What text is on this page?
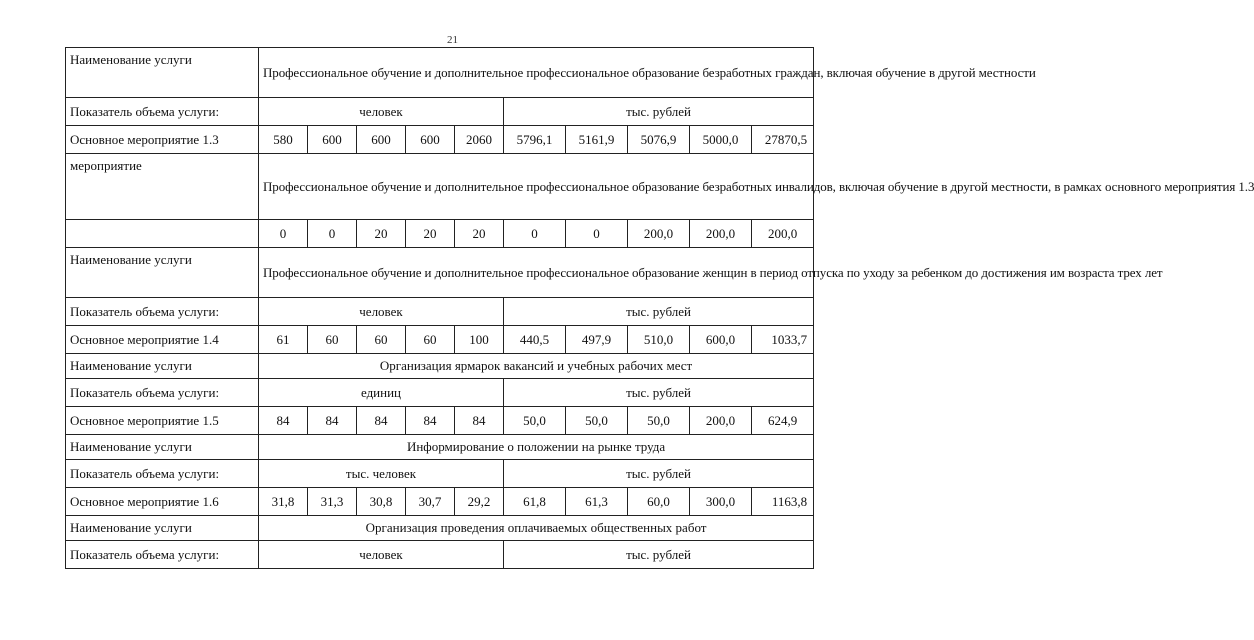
21
Наименование услуги	Профессиональное обучение и дополнительное профессиональное образование безработных граждан, включая обучение в другой местности									
Показатель объема услуги:	человек					тыс. рублей				
Основное мероприятие 1.3	580	600	600	600	2060	5796,1	5161,9	5076,9	5000,0	27870,5
мероприятие	Профессиональное обучение и дополнительное профессиональное образование безработных инвалидов, включая обучение в другой местности, в рамках основного мероприятия 1.3									
	0	0	20	20	20	0	0	200,0	200,0	200,0
Наименование услуги	Профессиональное обучение и дополнительное профессиональное образование женщин в период отпуска по уходу за ребенком до достижения им возраста трех лет									
Показатель объема услуги:	человек					тыс. рублей				
Основное мероприятие 1.4	61	60	60	60	100	440,5	497,9	510,0	600,0	1033,7
Наименование услуги	Организация ярмарок вакансий и учебных рабочих мест									
Показатель объема услуги:	единиц					тыс. рублей				
Основное мероприятие 1.5	84	84	84	84	84	50,0	50,0	50,0	200,0	624,9
Наименование услуги	Информирование о положении на рынке труда									
Показатель объема услуги:	тыс. человек					тыс. рублей				
Основное мероприятие 1.6	31,8	31,3	30,8	30,7	29,2	61,8	61,3	60,0	300,0	1163,8
Наименование услуги	Организация проведения оплачиваемых общественных работ									
Показатель объема услуги:	человек					тыс. рублей				
